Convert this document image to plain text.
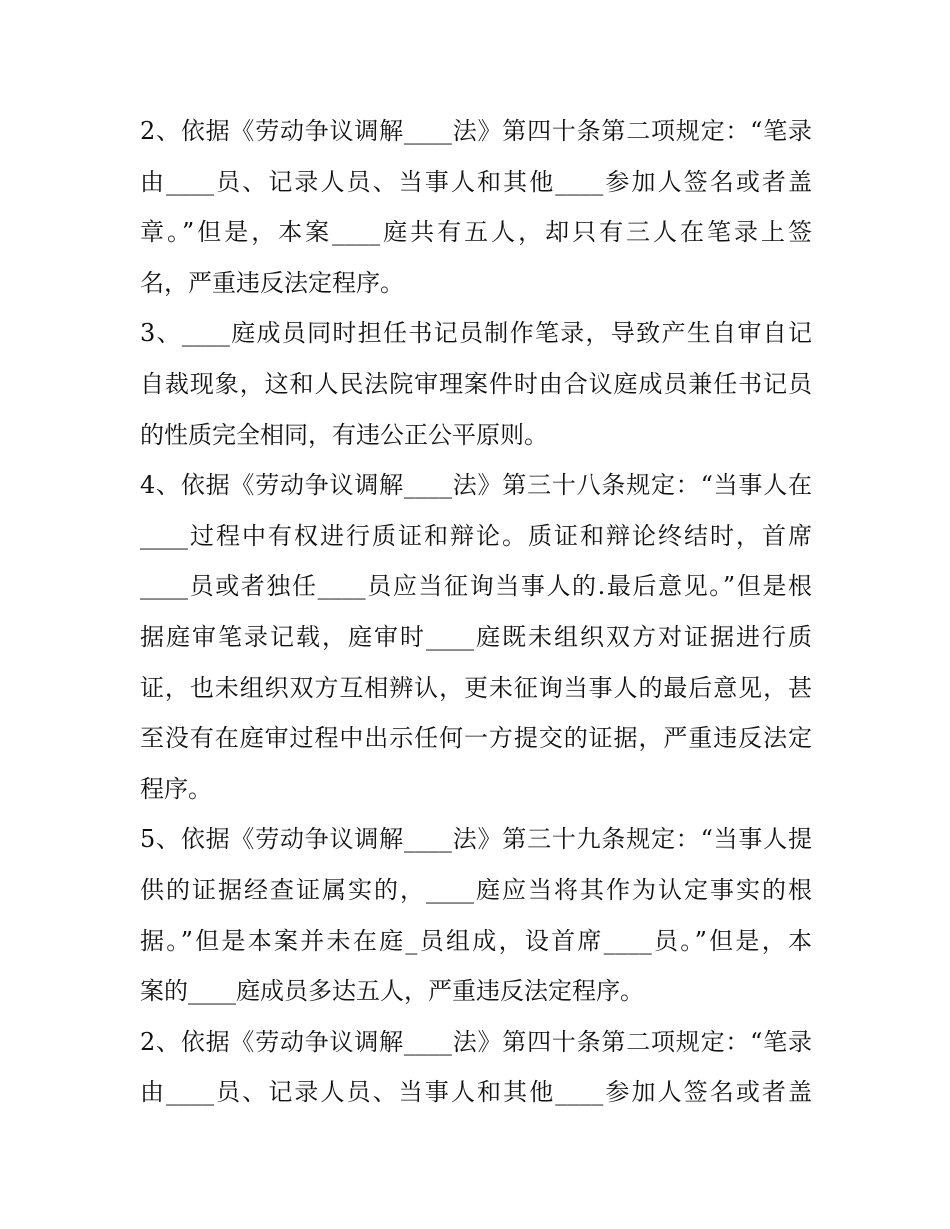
2、依据《劳动争议调解____法》第四十条第二项规定：“笔录
由____员、记录人员、当事人和其他____参加人签名或者盖
章。”但是，本案____庭共有五人，却只有三人在笔录上签
名，严重违反法定程序。
3、____庭成员同时担任书记员制作笔录，导致产生自审自记
自裁现象，这和人民法院审理案件时由合议庭成员兼任书记员
的性质完全相同，有违公正公平原则。
4、依据《劳动争议调解____法》第三十八条规定：“当事人在
____过程中有权进行质证和辩论。质证和辩论终结时，首席
____员或者独任____员应当征询当事人的.最后意见。”但是根
据庭审笔录记载，庭审时____庭既未组织双方对证据进行质
证，也未组织双方互相辨认，更未征询当事人的最后意见，甚
至没有在庭审过程中出示任何一方提交的证据，严重违反法定
程序。
5、依据《劳动争议调解____法》第三十九条规定：“当事人提
供的证据经查证属实的，____庭应当将其作为认定事实的根
据。”但是本案并未在庭_员组成，设首席____员。”但是，本
案的____庭成员多达五人，严重违反法定程序。
2、依据《劳动争议调解____法》第四十条第二项规定：“笔录
由____员、记录人员、当事人和其他____参加人签名或者盖
